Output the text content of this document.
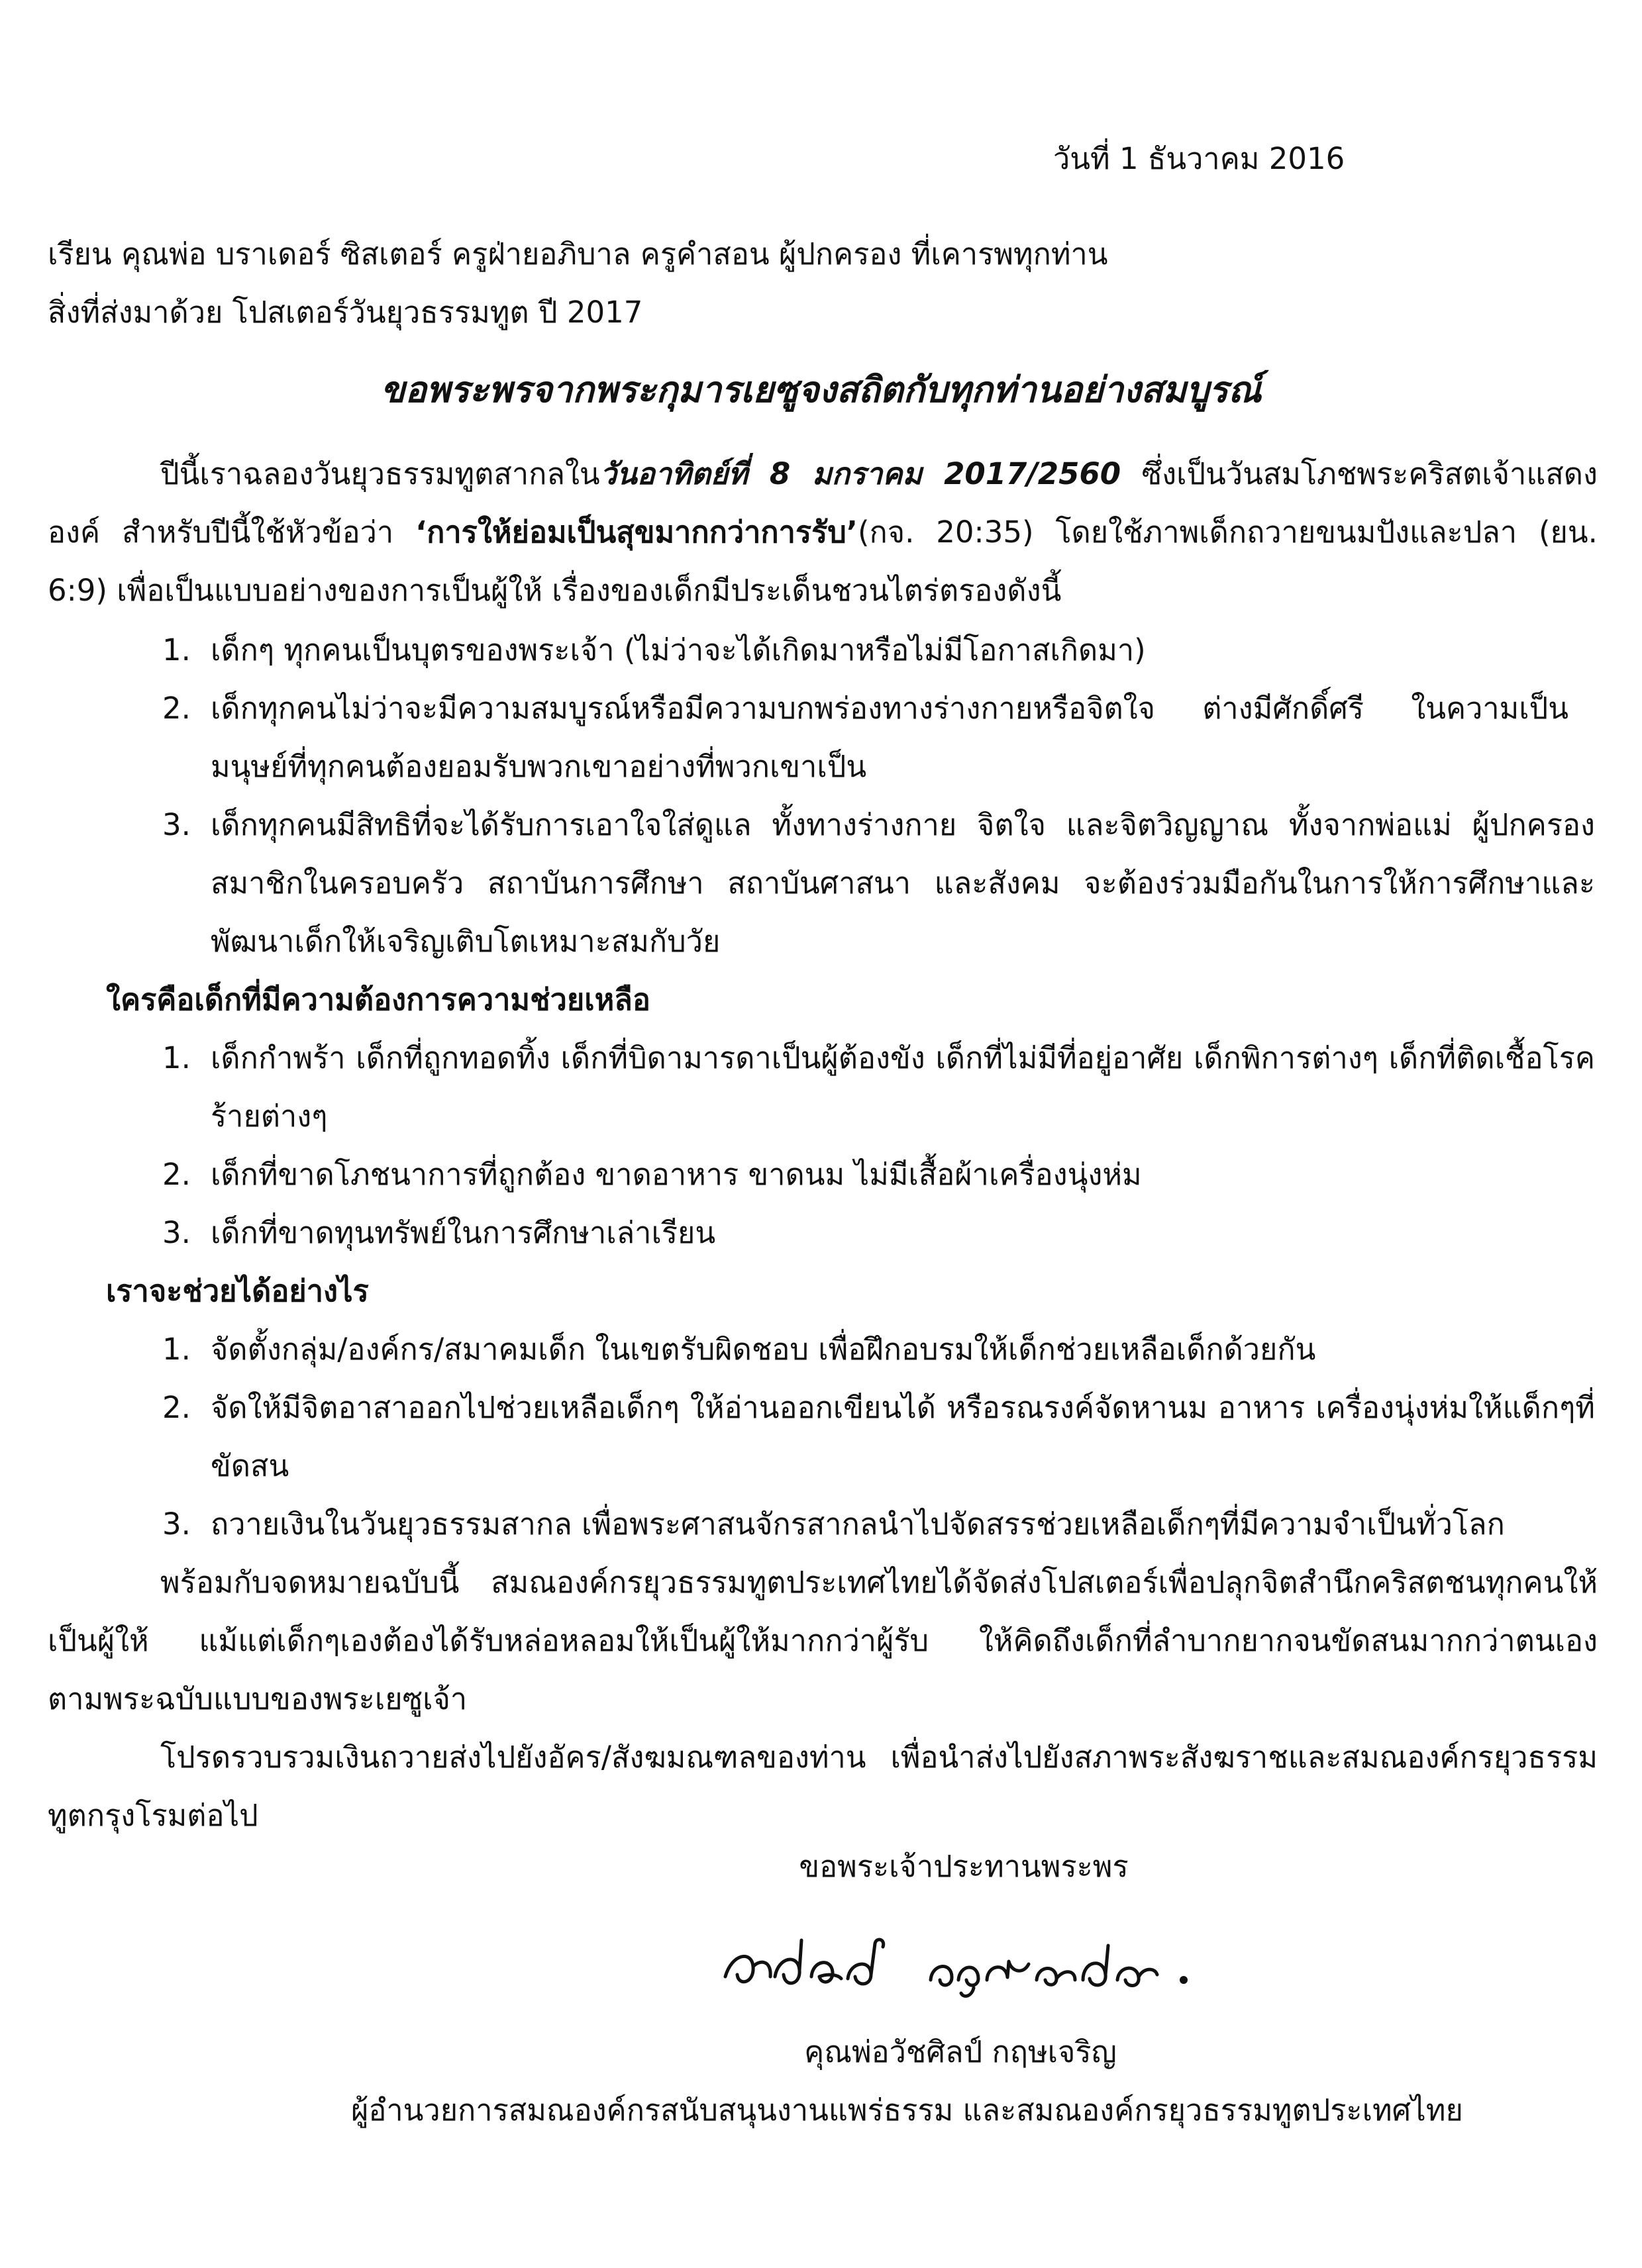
วันที่ 1 ธันวาคม 2016
เรียน คุณพ่อ บราเดอร์ ซิสเตอร์ ครูฝ่ายอภิบาล ครูคำสอน ผู้ปกครอง ที่เคารพทุกท่าน
สิ่งที่ส่งมาด้วย โปสเตอร์วันยุวธรรมทูต ปี 2017
ขอพระพรจากพระกุมารเยซูจงสถิตกับทุกท่านอย่างสมบูรณ์
ปีนี้เราฉลองวันยุวธรรมทูตสากลในวันอาทิตย์ที่ 8 มกราคม 2017/2560 ซึ่งเป็นวันสมโภชพระคริสตเจ้าแสดงองค์ สำหรับปีนี้ใช้หัวข้อว่า ‘การให้ย่อมเป็นสุขมากกว่าการรับ’(กจ. 20:35) โดยใช้ภาพเด็กถวายขนมปังและปลา (ยน. 6:9) เพื่อเป็นแบบอย่างของการเป็นผู้ให้ เรื่องของเด็กมีประเด็นชวนไตร่ตรองดังนี้
1. เด็กๆ ทุกคนเป็นบุตรของพระเจ้า (ไม่ว่าจะได้เกิดมาหรือไม่มีโอกาสเกิดมา)
2. เด็กทุกคนไม่ว่าจะมีความสมบูรณ์หรือมีความบกพร่องทางร่างกายหรือจิตใจ ต่างมีศักดิ์ศรี ในความเป็นมนุษย์ที่ทุกคนต้องยอมรับพวกเขาอย่างที่พวกเขาเป็น
3. เด็กทุกคนมีสิทธิที่จะได้รับการเอาใจใส่ดูแล ทั้งทางร่างกาย จิตใจ และจิตวิญญาณ ทั้งจากพ่อแม่ ผู้ปกครอง สมาชิกในครอบครัว สถาบันการศึกษา สถาบันศาสนา และสังคม จะต้องร่วมมือกันในการให้การศึกษาและพัฒนาเด็กให้เจริญเติบโตเหมาะสมกับวัย
ใครคือเด็กที่มีความต้องการความช่วยเหลือ
1. เด็กกำพร้า เด็กที่ถูกทอดทิ้ง เด็กที่บิดามารดาเป็นผู้ต้องขัง เด็กที่ไม่มีที่อยู่อาศัย เด็กพิการต่างๆ เด็กที่ติดเชื้อโรคร้ายต่างๆ
2. เด็กที่ขาดโภชนาการที่ถูกต้อง ขาดอาหาร ขาดนม ไม่มีเสื้อผ้าเครื่องนุ่งห่ม
3. เด็กที่ขาดทุนทรัพย์ในการศึกษาเล่าเรียน
เราจะช่วยได้อย่างไร
1. จัดตั้งกลุ่ม/องค์กร/สมาคมเด็ก ในเขตรับผิดชอบ เพื่อฝึกอบรมให้เด็กช่วยเหลือเด็กด้วยกัน
2. จัดให้มีจิตอาสาออกไปช่วยเหลือเด็กๆ ให้อ่านออกเขียนได้ หรือรณรงค์จัดหานม อาหาร เครื่องนุ่งห่มให้แด็กๆที่ขัดสน
3. ถวายเงินในวันยุวธรรมสากล เพื่อพระศาสนจักรสากลนำไปจัดสรรช่วยเหลือเด็กๆที่มีความจำเป็นทั่วโลก
พร้อมกับจดหมายฉบับนี้ สมณองค์กรยุวธรรมทูตประเทศไทยได้จัดส่งโปสเตอร์เพื่อปลุกจิตสำนึกคริสตชนทุกคนให้เป็นผู้ให้ แม้แต่เด็กๆเองต้องได้รับหล่อหลอมให้เป็นผู้ให้มากกว่าผู้รับ ให้คิดถึงเด็กที่ลำบากยากจนขัดสนมากกว่าตนเอง ตามพระฉบับแบบของพระเยซูเจ้า
โปรดรวบรวมเงินถวายส่งไปยังอัคร/สังฆมณฑลของท่าน เพื่อนำส่งไปยังสภาพระสังฆราชและสมณองค์กรยุวธรรมทูตกรุงโรมต่อไป
ขอพระเจ้าประทานพระพร
คุณพ่อวัชศิลป์ กฤษเจริญ
ผู้อำนวยการสมณองค์กรสนับสนุนงานแพร่ธรรม และสมณองค์กรยุวธรรมทูตประเทศไทย
